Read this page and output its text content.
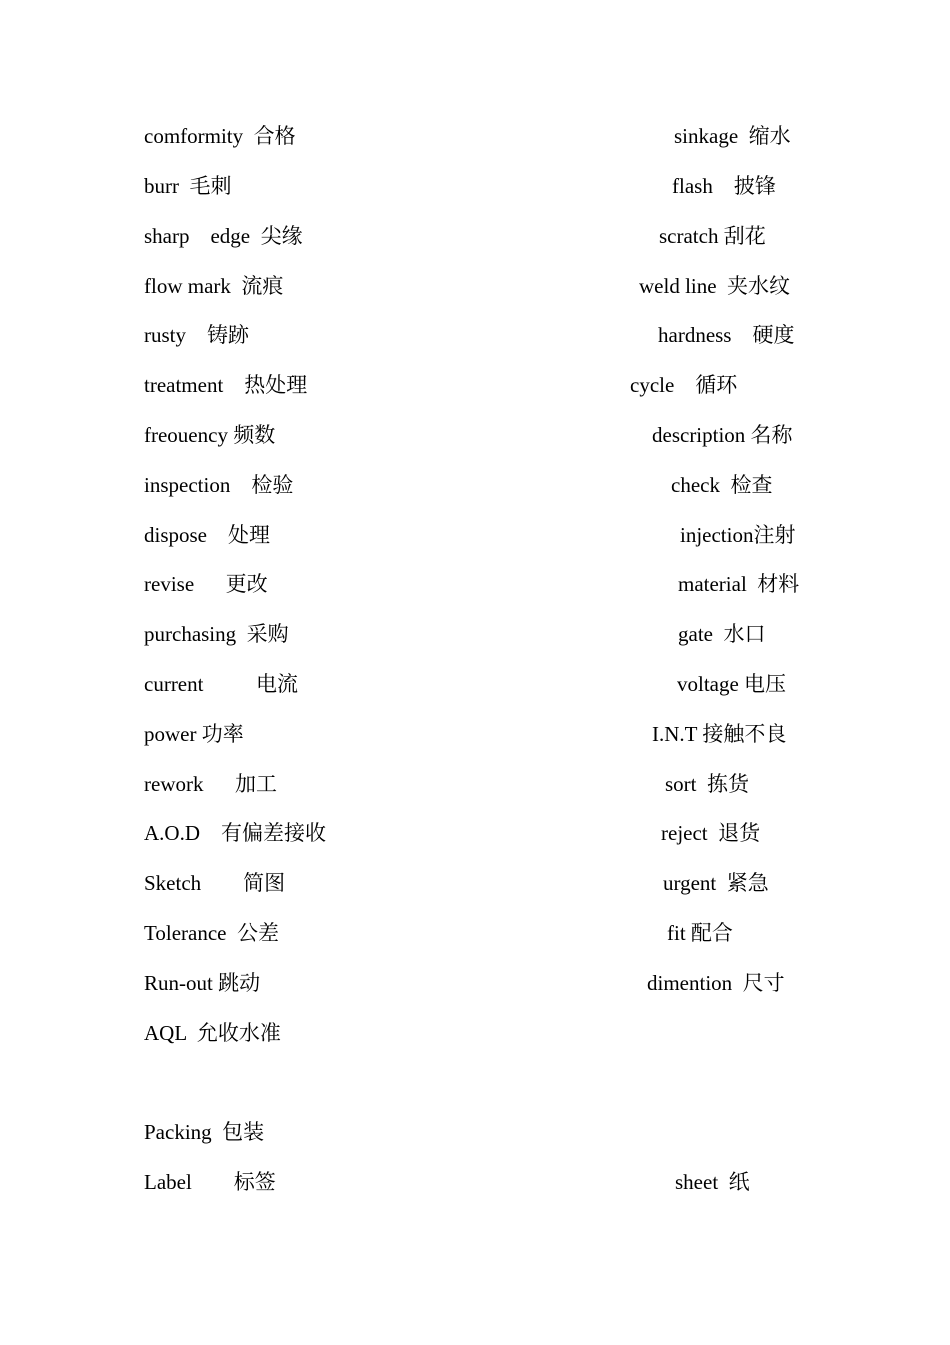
comformity  合格
burr  毛刺
sharp    edge  尖缘
flow mark  流痕
rusty    铸跡
treatment    热处理
freouency 频数
inspection    检验
dispose    处理
revise      更改
purchasing  采购
current          电流
power 功率
rework      加工
A.O.D    有偏差接收
Sketch        简图
Tolerance  公差
Run-out 跳动
AQL  允收水准
sinkage  缩水
flash    披锋
scratch 刮花
weld line  夹水纹
hardness    硬度
cycle    循环
description 名称
check  检查
injection注射
material  材料
gate  水口
voltage 电压
I.N.T 接触不良
sort  拣货
reject  退货
urgent  紧急
fit 配合
dimention  尺寸
Packing  包装
Label        标签	sheet  纸
